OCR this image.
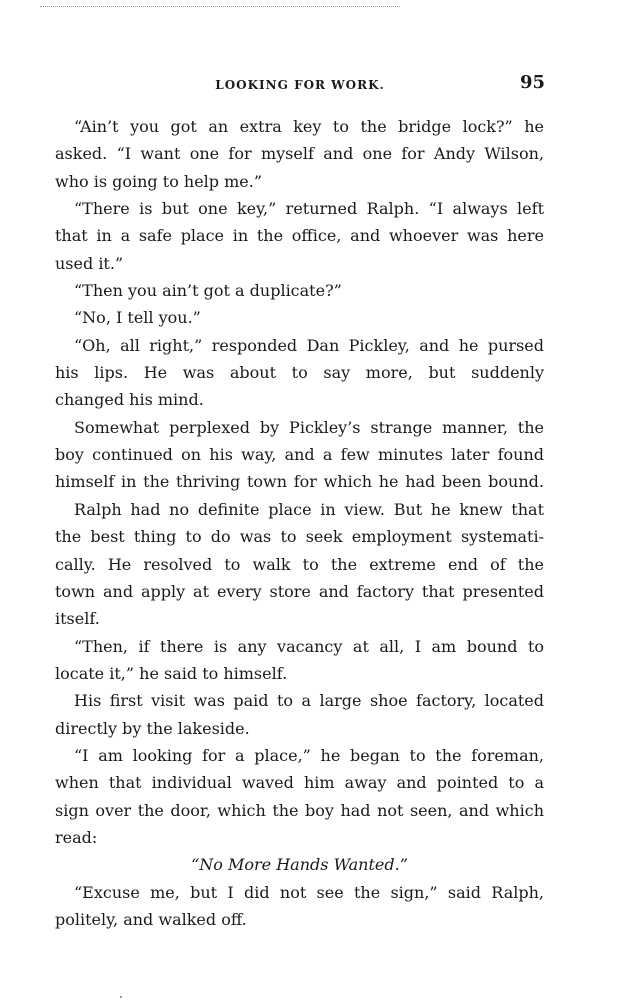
LOOKING FOR WORK.	95
“Ain’t you got an extra key to the bridge lock?” he
asked. “I want one for myself and one for Andy Wilson,
who is going to help me.”
“There is but one key,” returned Ralph. “I always left
that in a safe place in the office, and whoever was here
used it.”
“Then you ain’t got a duplicate?”
“No, I tell you.”
“Oh, all right,” responded Dan Pickley, and he pursed
his lips. He was about to say more, but suddenly
changed his mind.
Somewhat perplexed by Pickley’s strange manner, the
boy continued on his way, and a few minutes later found
himself in the thriving town for which he had been bound.
Ralph had no definite place in view. But he knew that
the best thing to do was to seek employment systemati-
cally. He resolved to walk to the extreme end of the
town and apply at every store and factory that presented
itself.
“Then, if there is any vacancy at all, I am bound to
locate it,” he said to himself.
His first visit was paid to a large shoe factory, located
directly by the lakeside.
“I am looking for a place,” he began to the foreman,
when that individual waved him away and pointed to a
sign over the door, which the boy had not seen, and which
read:
“No More Hands Wanted.”
“Excuse me, but I did not see the sign,” said Ralph,
politely, and walked off.
